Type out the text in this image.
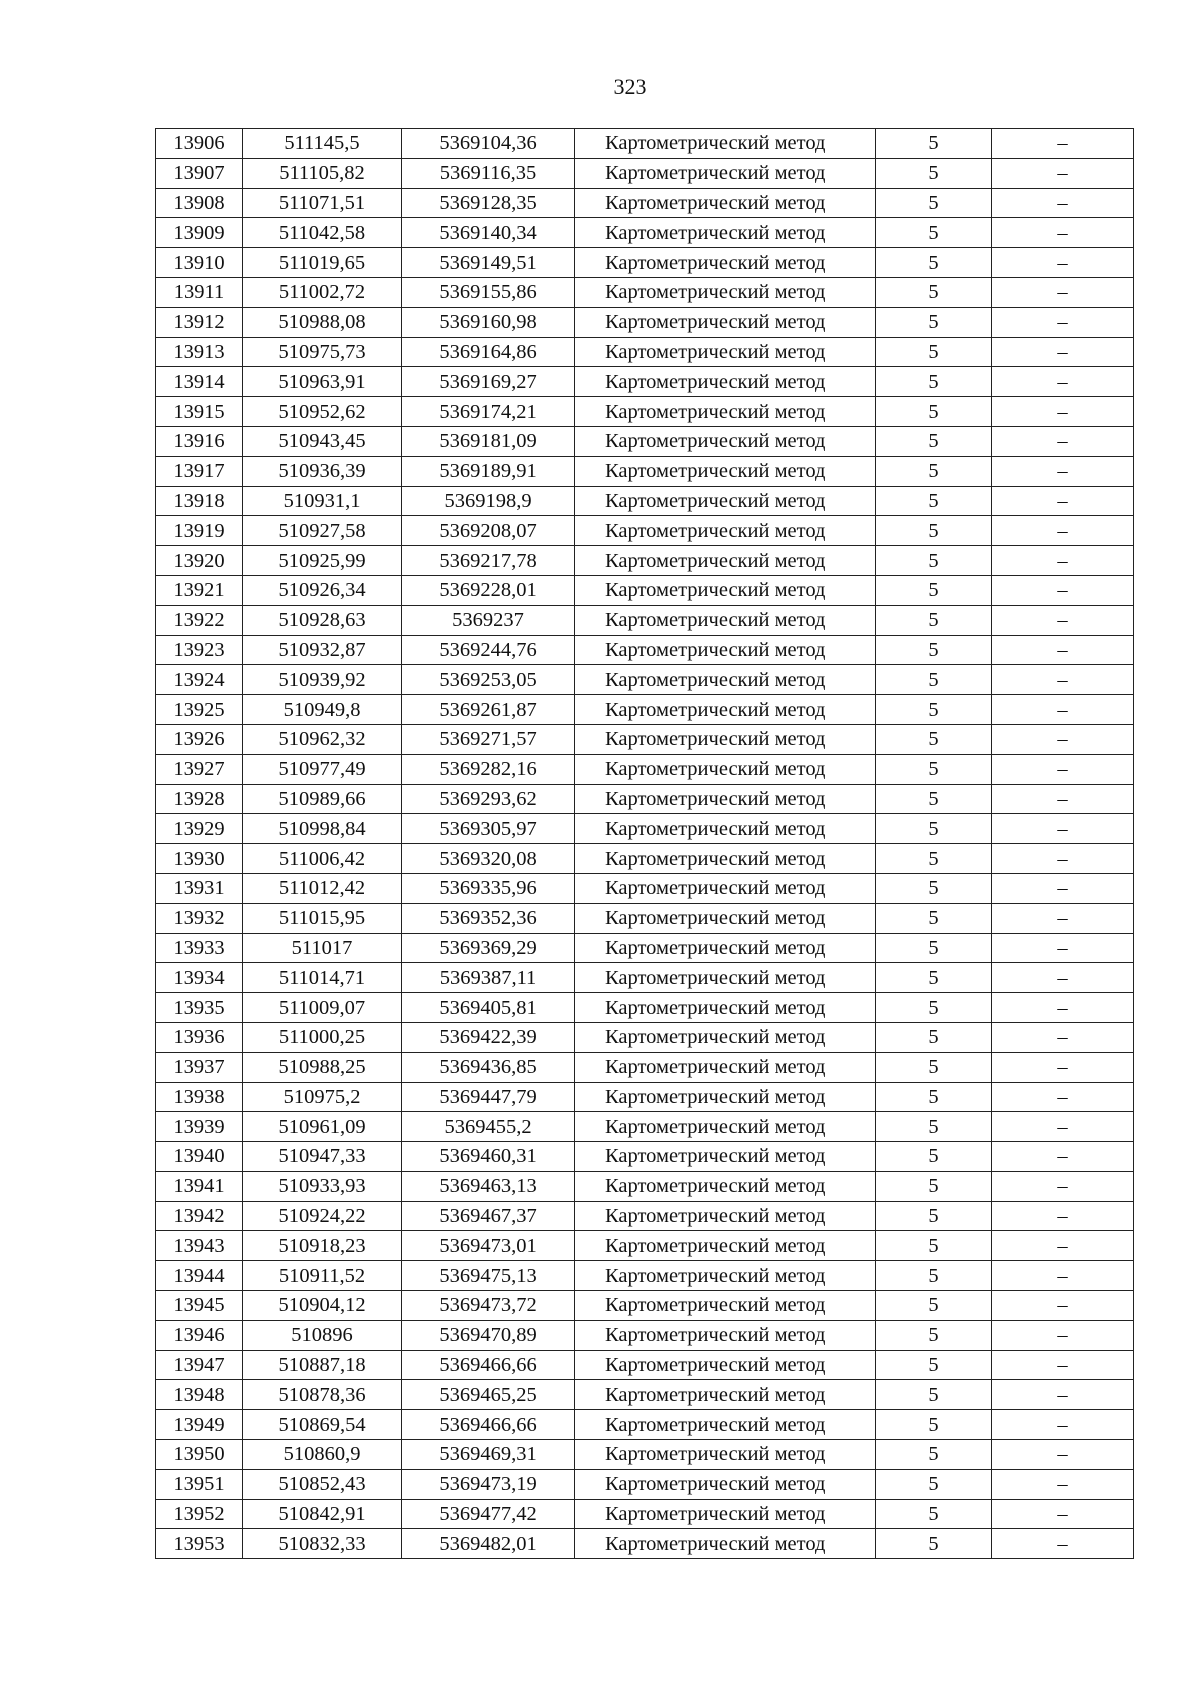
323
13906	511145,5	5369104,36	Картометрический метод	5	–
13907	511105,82	5369116,35	Картометрический метод	5	–
13908	511071,51	5369128,35	Картометрический метод	5	–
13909	511042,58	5369140,34	Картометрический метод	5	–
13910	511019,65	5369149,51	Картометрический метод	5	–
13911	511002,72	5369155,86	Картометрический метод	5	–
13912	510988,08	5369160,98	Картометрический метод	5	–
13913	510975,73	5369164,86	Картометрический метод	5	–
13914	510963,91	5369169,27	Картометрический метод	5	–
13915	510952,62	5369174,21	Картометрический метод	5	–
13916	510943,45	5369181,09	Картометрический метод	5	–
13917	510936,39	5369189,91	Картометрический метод	5	–
13918	510931,1	5369198,9	Картометрический метод	5	–
13919	510927,58	5369208,07	Картометрический метод	5	–
13920	510925,99	5369217,78	Картометрический метод	5	–
13921	510926,34	5369228,01	Картометрический метод	5	–
13922	510928,63	5369237	Картометрический метод	5	–
13923	510932,87	5369244,76	Картометрический метод	5	–
13924	510939,92	5369253,05	Картометрический метод	5	–
13925	510949,8	5369261,87	Картометрический метод	5	–
13926	510962,32	5369271,57	Картометрический метод	5	–
13927	510977,49	5369282,16	Картометрический метод	5	–
13928	510989,66	5369293,62	Картометрический метод	5	–
13929	510998,84	5369305,97	Картометрический метод	5	–
13930	511006,42	5369320,08	Картометрический метод	5	–
13931	511012,42	5369335,96	Картометрический метод	5	–
13932	511015,95	5369352,36	Картометрический метод	5	–
13933	511017	5369369,29	Картометрический метод	5	–
13934	511014,71	5369387,11	Картометрический метод	5	–
13935	511009,07	5369405,81	Картометрический метод	5	–
13936	511000,25	5369422,39	Картометрический метод	5	–
13937	510988,25	5369436,85	Картометрический метод	5	–
13938	510975,2	5369447,79	Картометрический метод	5	–
13939	510961,09	5369455,2	Картометрический метод	5	–
13940	510947,33	5369460,31	Картометрический метод	5	–
13941	510933,93	5369463,13	Картометрический метод	5	–
13942	510924,22	5369467,37	Картометрический метод	5	–
13943	510918,23	5369473,01	Картометрический метод	5	–
13944	510911,52	5369475,13	Картометрический метод	5	–
13945	510904,12	5369473,72	Картометрический метод	5	–
13946	510896	5369470,89	Картометрический метод	5	–
13947	510887,18	5369466,66	Картометрический метод	5	–
13948	510878,36	5369465,25	Картометрический метод	5	–
13949	510869,54	5369466,66	Картометрический метод	5	–
13950	510860,9	5369469,31	Картометрический метод	5	–
13951	510852,43	5369473,19	Картометрический метод	5	–
13952	510842,91	5369477,42	Картометрический метод	5	–
13953	510832,33	5369482,01	Картометрический метод	5	–
